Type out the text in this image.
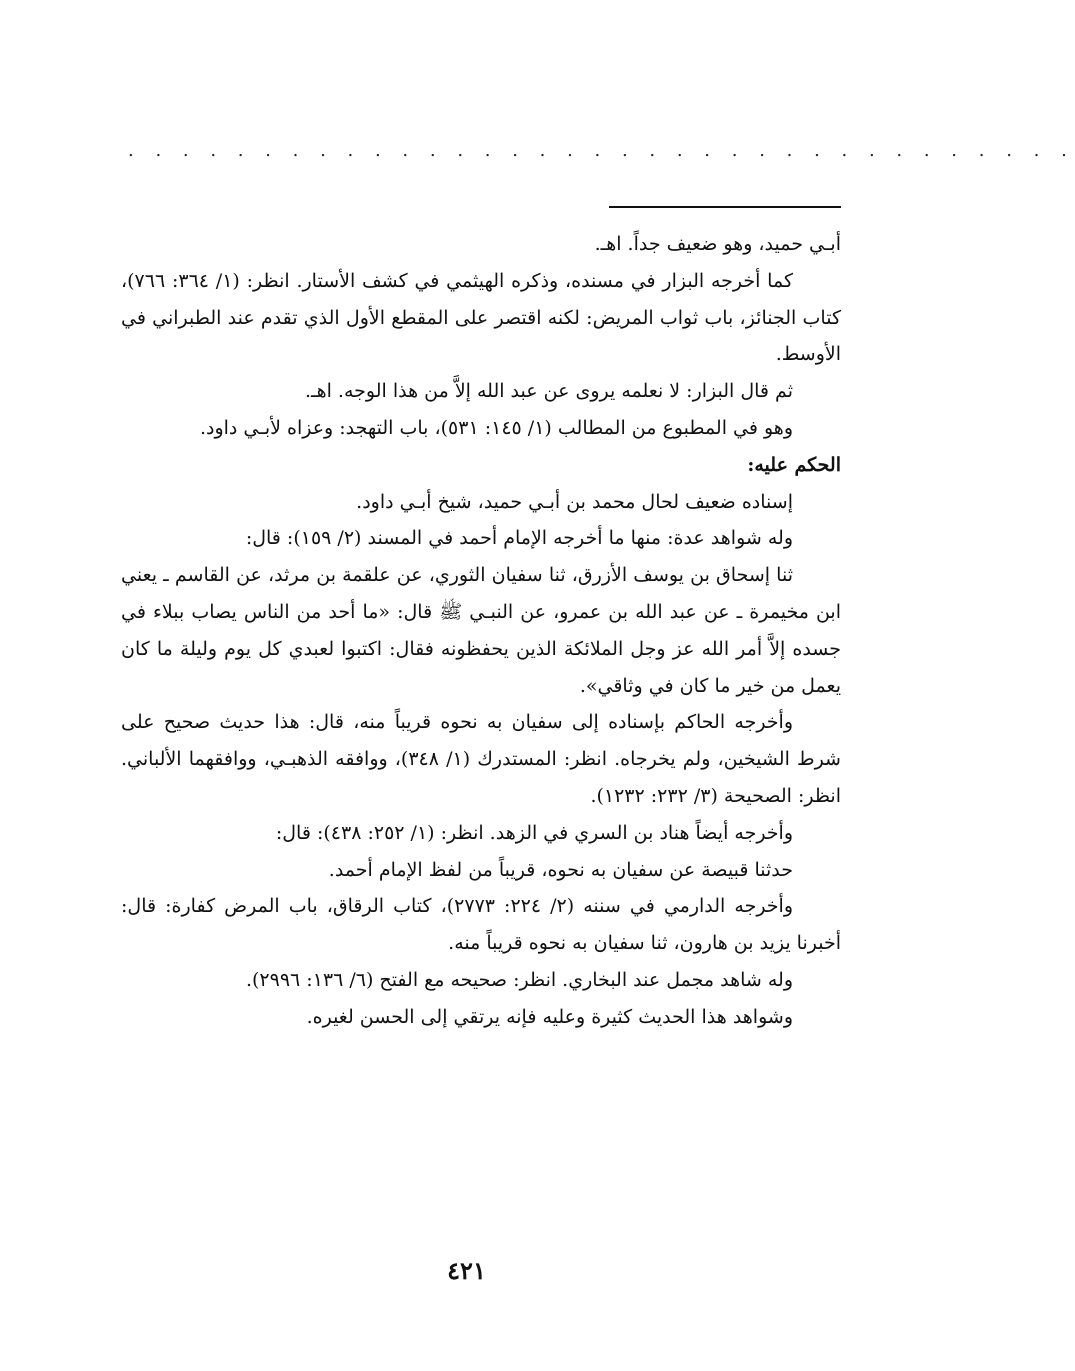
. . . . . . . . . . . . . . . . . . . . . . . . . . . . . . . . . . .

أبـي حميد، وهو ضعيف جداً. اهـ.

كما أخرجه البزار في مسنده، وذكره الهيثمي في كشف الأستار. انظر: (١/ ٣٦٤: ٧٦٦)، كتاب الجنائز، باب ثواب المريض: لكنه اقتصر على المقطع الأول الذي تقدم عند الطبراني في الأوسط.

ثم قال البزار: لا نعلمه يروى عن عبد الله إلاَّ من هذا الوجه. اهـ.

وهو في المطبوع من المطالب (١/ ١٤٥: ٥٣١)، باب التهجد: وعزاه لأبـي داود.

الحكم عليه:

إسناده ضعيف لحال محمد بن أبـي حميد، شيخ أبـي داود.

وله شواهد عدة: منها ما أخرجه الإمام أحمد في المسند (٢/ ١٥٩): قال:

ثنا إسحاق بن يوسف الأزرق، ثنا سفيان الثوري، عن علقمة بن مرثد، عن القاسم ـ يعني ابن مخيمرة ـ عن عبد الله بن عمرو، عن النبـي ﷺ قال: «ما أحد من الناس يصاب ببلاء في جسده إلاَّ أمر الله عز وجل الملائكة الذين يحفظونه فقال: اكتبوا لعبدي كل يوم وليلة ما كان يعمل من خير ما كان في وثاقي».

وأخرجه الحاكم بإسناده إلى سفيان به نحوه قريباً منه، قال: هذا حديث صحيح على شرط الشيخين، ولم يخرجاه. انظر: المستدرك (١/ ٣٤٨)، ووافقه الذهبـي، ووافقهما الألباني. انظر: الصحيحة (٣/ ٢٣٢: ١٢٣٢).

وأخرجه أيضاً هناد بن السري في الزهد. انظر: (١/ ٢٥٢: ٤٣٨): قال:

حدثنا قبيصة عن سفيان به نحوه، قريباً من لفظ الإمام أحمد.

وأخرجه الدارمي في سننه (٢/ ٢٢٤: ٢٧٧٣)، كتاب الرقاق، باب المرض كفارة: قال: أخبرنا يزيد بن هارون، ثنا سفيان به نحوه قريباً منه.

وله شاهد مجمل عند البخاري. انظر: صحيحه مع الفتح (٦/ ١٣٦: ٢٩٩٦).

وشواهد هذا الحديث كثيرة وعليه فإنه يرتقي إلى الحسن لغيره.

٤٢١
